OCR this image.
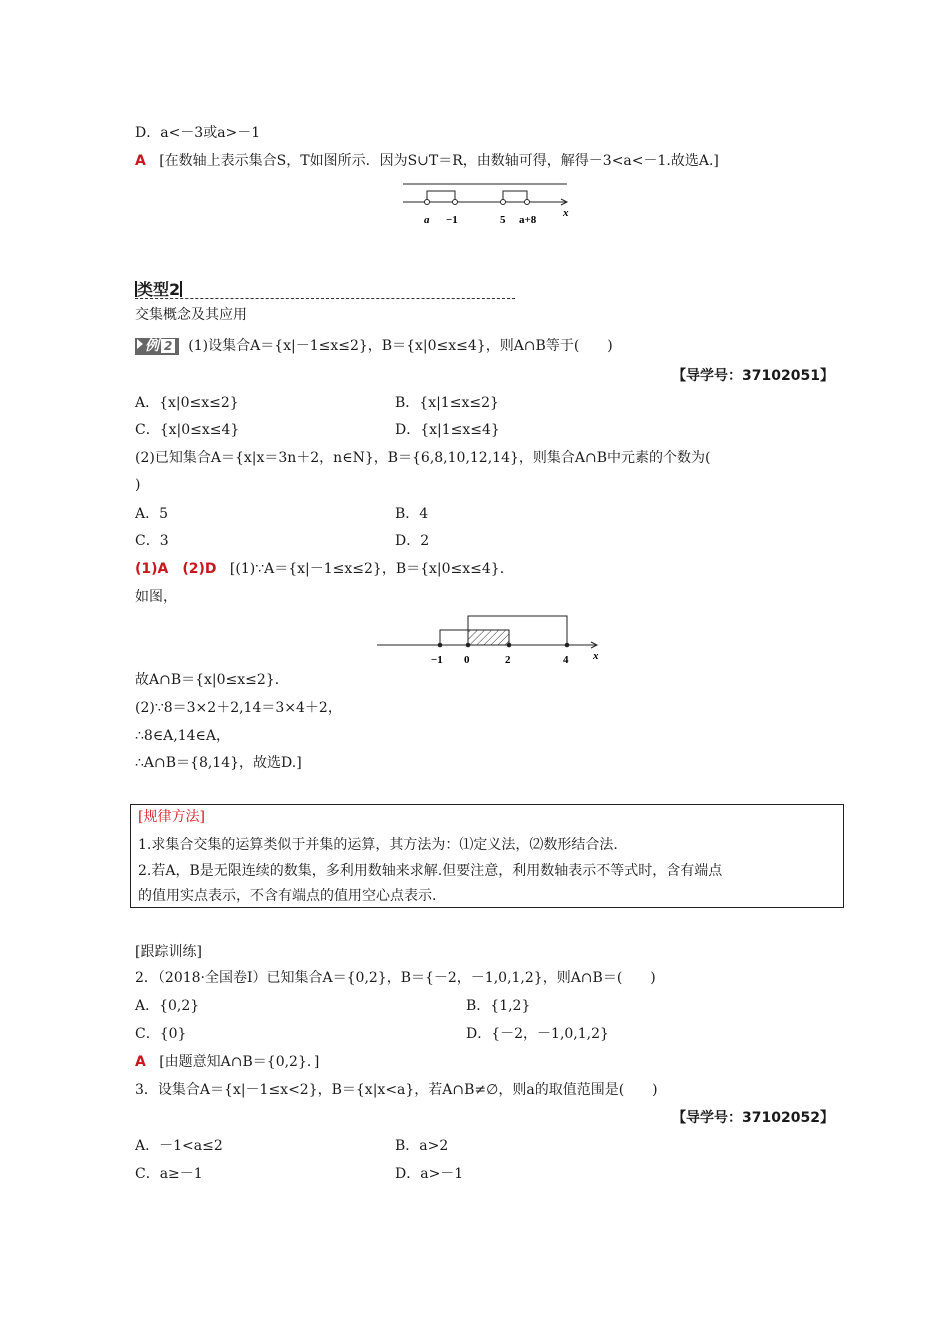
D．a<－3或a>－1
A [在数轴上表示集合S，T如图所示．因为S∪T＝R，由数轴可得，解得－3<a<－1.故选A.]
a −1	5 a+8
x
类型2
交集概念及其应用
例 2 (1)设集合A＝{x|－1≤x≤2}，B＝{x|0≤x≤4}，则A∩B等于(　　)
【导学号：37102051】
A．{x|0≤x≤2}	B．{x|1≤x≤2}
C．{x|0≤x≤4}	D．{x|1≤x≤4}
(2)已知集合A＝{x|x＝3n＋2，n∈N}，B＝{6,8,10,12,14}，则集合A∩B中元素的个数为(
)
A．5	B．4
C．3	D．2
(1)A　(2)D [(1)∵A＝{x|－1≤x≤2}，B＝{x|0≤x≤4}．
如图，
−1 0	2	4 x
故A∩B＝{x|0≤x≤2}．
(2)∵8＝3×2＋2,14＝3×4＋2，
∴8∈A,14∈A，
∴A∩B＝{8,14}，故选D.]
[规律方法]
1.求集合交集的运算类似于并集的运算，其方法为：⑴定义法，⑵数形结合法.
2.若A，B是无限连续的数集，多利用数轴来求解.但要注意，利用数轴表示不等式时，含有端点
的值用实点表示，不含有端点的值用空心点表示.
[跟踪训练]
2．（2018·全国卷Ⅰ）已知集合A＝{0,2}，B＝{－2，－1,0,1,2}，则A∩B＝(　　)
A．{0,2}	B．{1,2}
C．{0}	D．{－2，－1,0,1,2}
A [由题意知A∩B＝{0,2}．]
3．设集合A＝{x|－1≤x<2}，B＝{x|x<a}，若A∩B≠∅，则a的取值范围是(　　)
【导学号：37102052】
A．－1<a≤2	B．a>2
C．a≥－1	D．a>－1
